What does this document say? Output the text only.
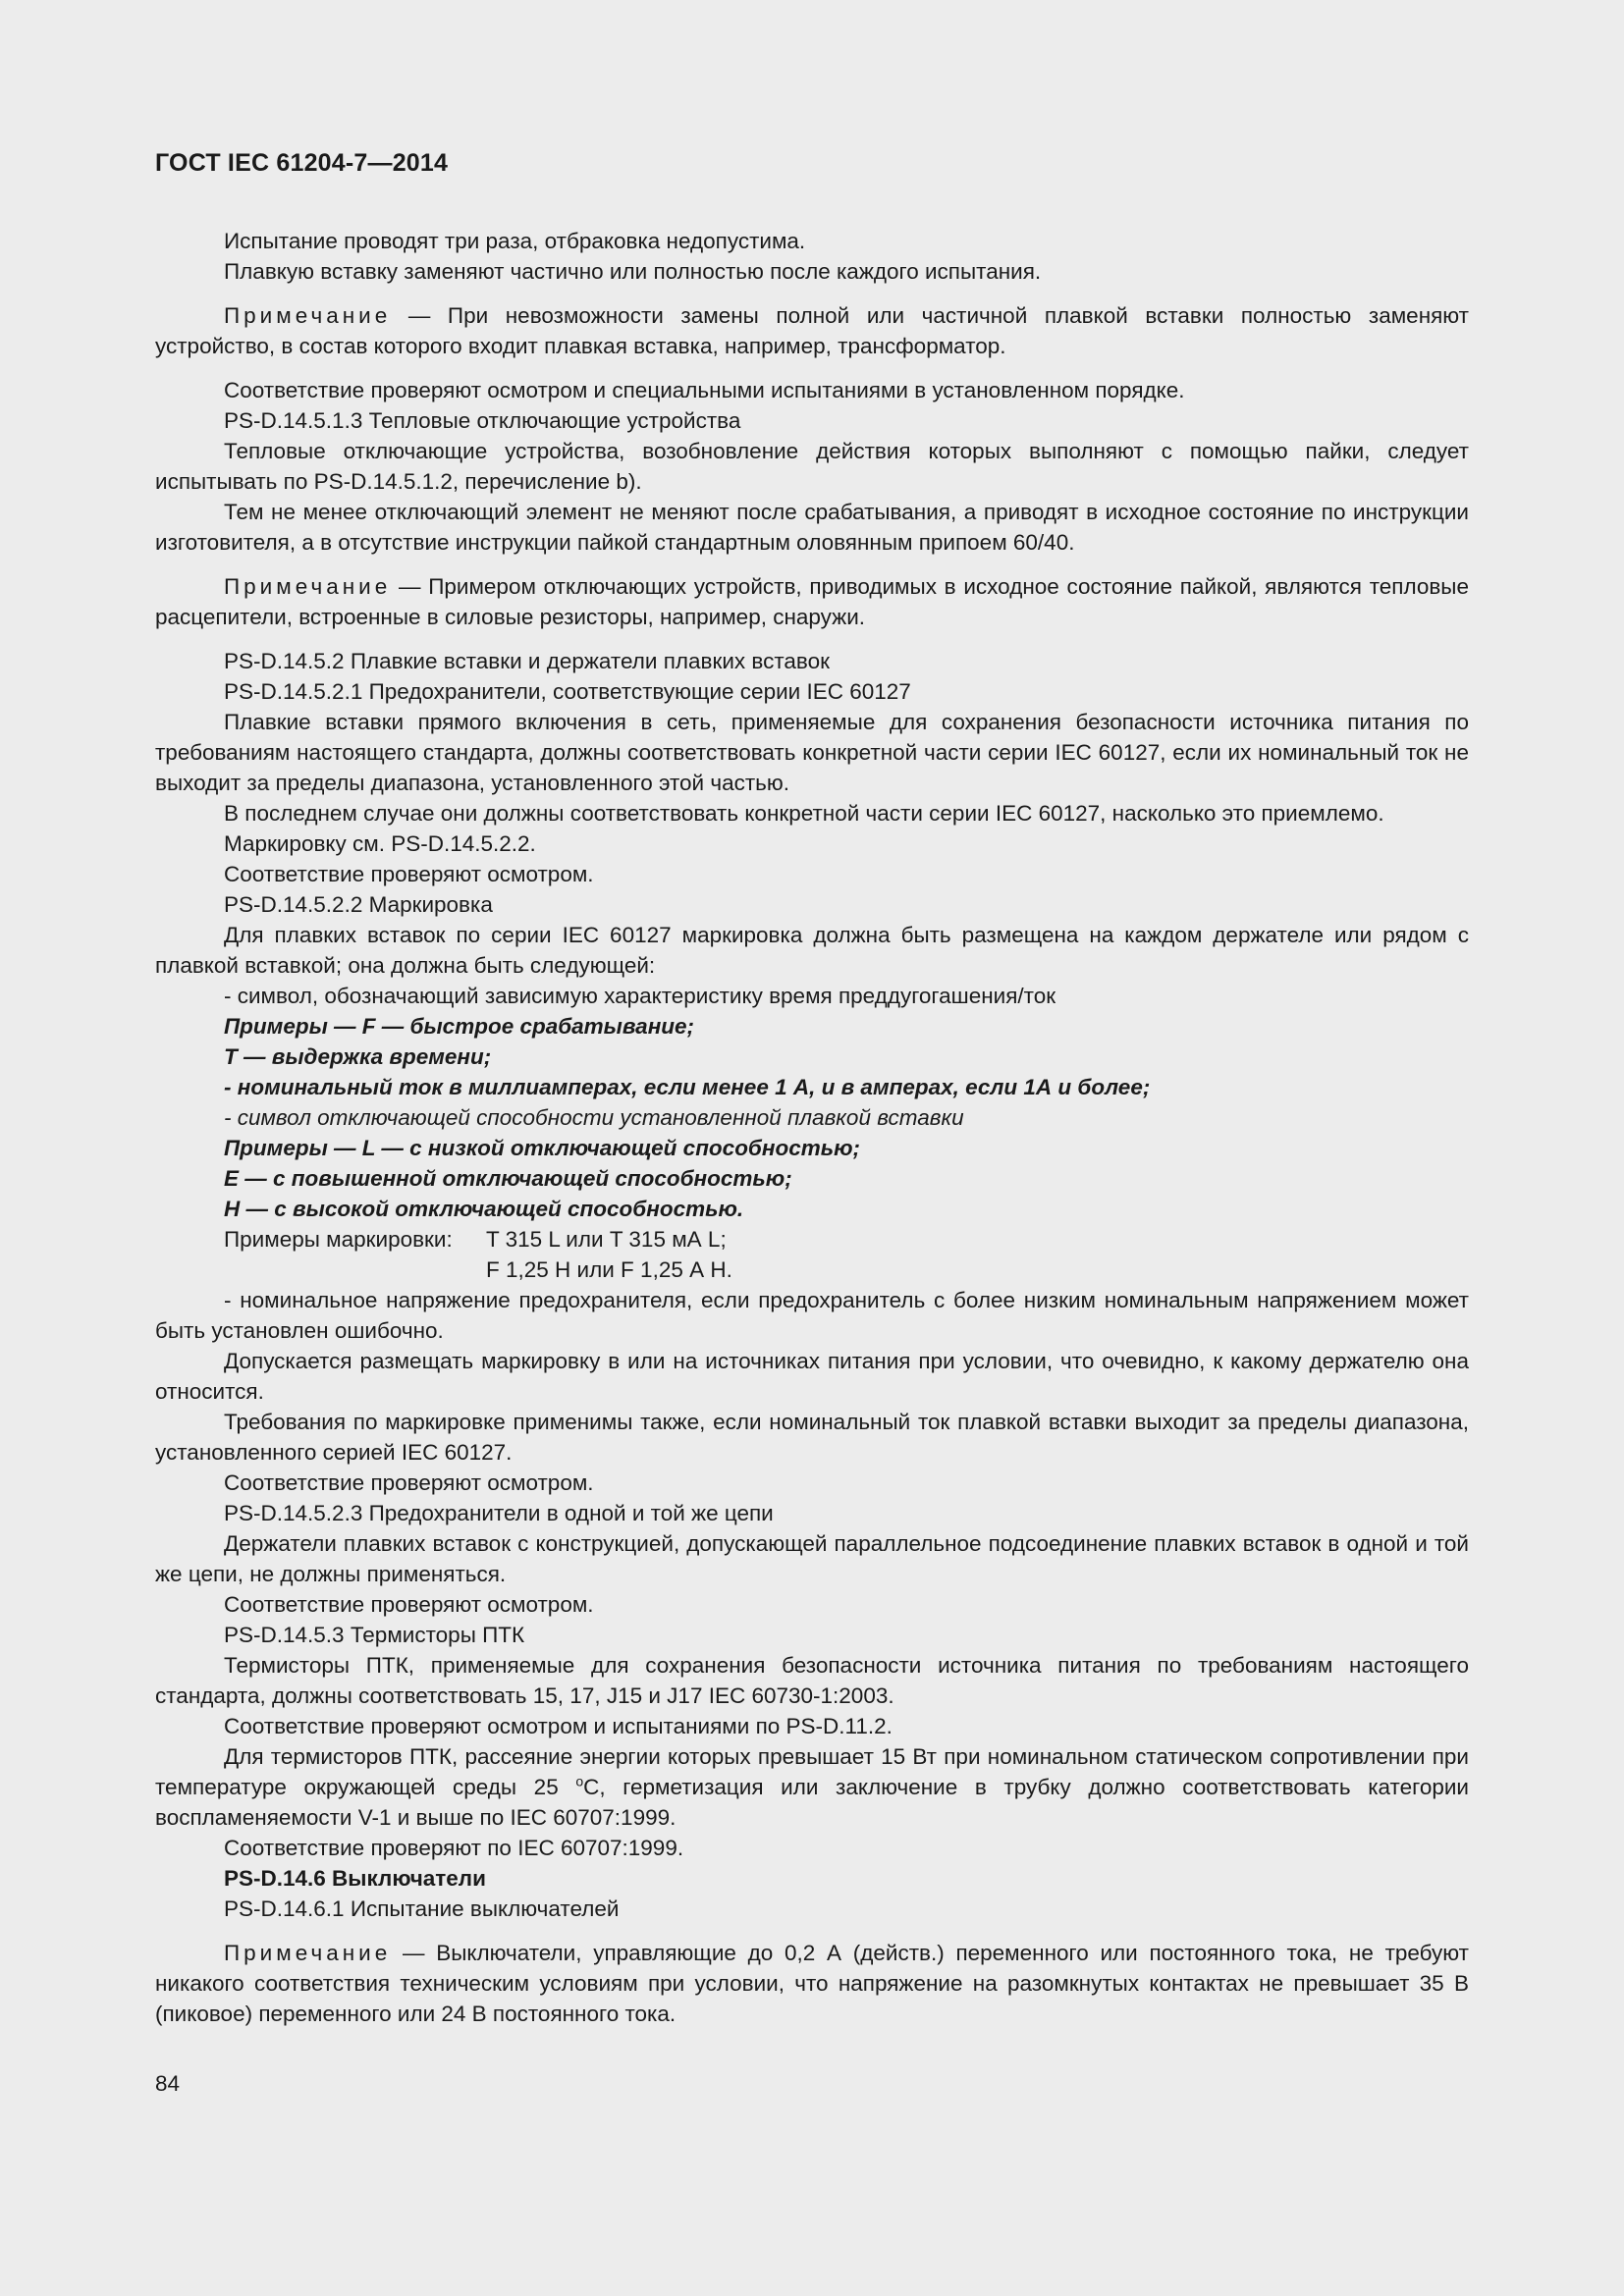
ГОСТ IEC 61204-7—2014

Испытание проводят три раза, отбраковка недопустима.

Плавкую вставку заменяют частично или полностью после каждого испытания.

Примечание — При невозможности замены полной или частичной плавкой вставки полностью заменяют устройство, в состав которого входит плавкая вставка, например, трансформатор.

Соответствие проверяют осмотром и специальными испытаниями в установленном порядке.

PS-D.14.5.1.3 Тепловые отключающие устройства

Тепловые отключающие устройства, возобновление действия которых выполняют с помощью пайки, следует испытывать по PS-D.14.5.1.2, перечисление b).

Тем не менее отключающий элемент не меняют после срабатывания, а приводят в исходное состояние по инструкции изготовителя, а в отсутствие инструкции пайкой стандартным оловянным припоем 60/40.

Примечание — Примером отключающих устройств, приводимых в исходное состояние пайкой, являются тепловые расцепители, встроенные в силовые резисторы, например, снаружи.

PS-D.14.5.2 Плавкие вставки и держатели плавких вставок

PS-D.14.5.2.1 Предохранители, соответствующие серии IEC 60127

Плавкие вставки прямого включения в сеть, применяемые для сохранения безопасности источника питания по требованиям настоящего стандарта, должны соответствовать конкретной части серии IEC 60127, если их номинальный ток не выходит за пределы диапазона, установленного этой частью.

В последнем случае они должны соответствовать конкретной части серии IEC 60127, насколько это приемлемо.

Маркировку см. PS-D.14.5.2.2.

Соответствие проверяют осмотром.

PS-D.14.5.2.2 Маркировка

Для плавких вставок по серии IEC 60127 маркировка должна быть размещена на каждом держателе или рядом с плавкой вставкой; она должна быть следующей:

- символ, обозначающий зависимую характеристику время преддугогашения/ток

Примеры — F — быстрое срабатывание;

T — выдержка времени;

- номинальный ток в миллиамперах, если менее 1 А, и в амперах, если 1А и более;

- символ отключающей способности установленной плавкой вставки

Примеры — L — с низкой отключающей способностью;

E — с повышенной отключающей способностью;

H — с высокой отключающей способностью.

Примеры маркировки:	T 315 L или T 315 мА L;
F 1,25 H или F 1,25 А H.

- номинальное напряжение предохранителя, если предохранитель с более низким номинальным напряжением может быть установлен ошибочно.

Допускается размещать маркировку в или на источниках питания при условии, что очевидно, к какому держателю она относится.

Требования по маркировке применимы также, если номинальный ток плавкой вставки выходит за пределы диапазона, установленного серией IEC 60127.

Соответствие проверяют осмотром.

PS-D.14.5.2.3 Предохранители в одной и той же цепи

Держатели плавких вставок с конструкцией, допускающей параллельное подсоединение плавких вставок в одной и той же цепи, не должны применяться.

Соответствие проверяют осмотром.

PS-D.14.5.3 Термисторы ПТК

Термисторы ПТК, применяемые для сохранения безопасности источника питания по требованиям настоящего стандарта, должны соответствовать 15, 17, J15 и J17 IEC 60730-1:2003.

Соответствие проверяют осмотром и испытаниями по PS-D.11.2.

Для термисторов ПТК, рассеяние энергии которых превышает 15 Вт при номинальном статическом сопротивлении при температуре окружающей среды 25 $^о$C, герметизация или заключение в трубку должно соответствовать категории воспламеняемости V-1 и выше по IEC 60707:1999.

Соответствие проверяют по IEC 60707:1999.

PS-D.14.6 Выключатели

PS-D.14.6.1 Испытание выключателей

Примечание — Выключатели, управляющие до 0,2 А (действ.) переменного или постоянного тока, не требуют никакого соответствия техническим условиям при условии, что напряжение на разомкнутых контактах не превышает 35 В (пиковое) переменного или 24 В постоянного тока.

84
